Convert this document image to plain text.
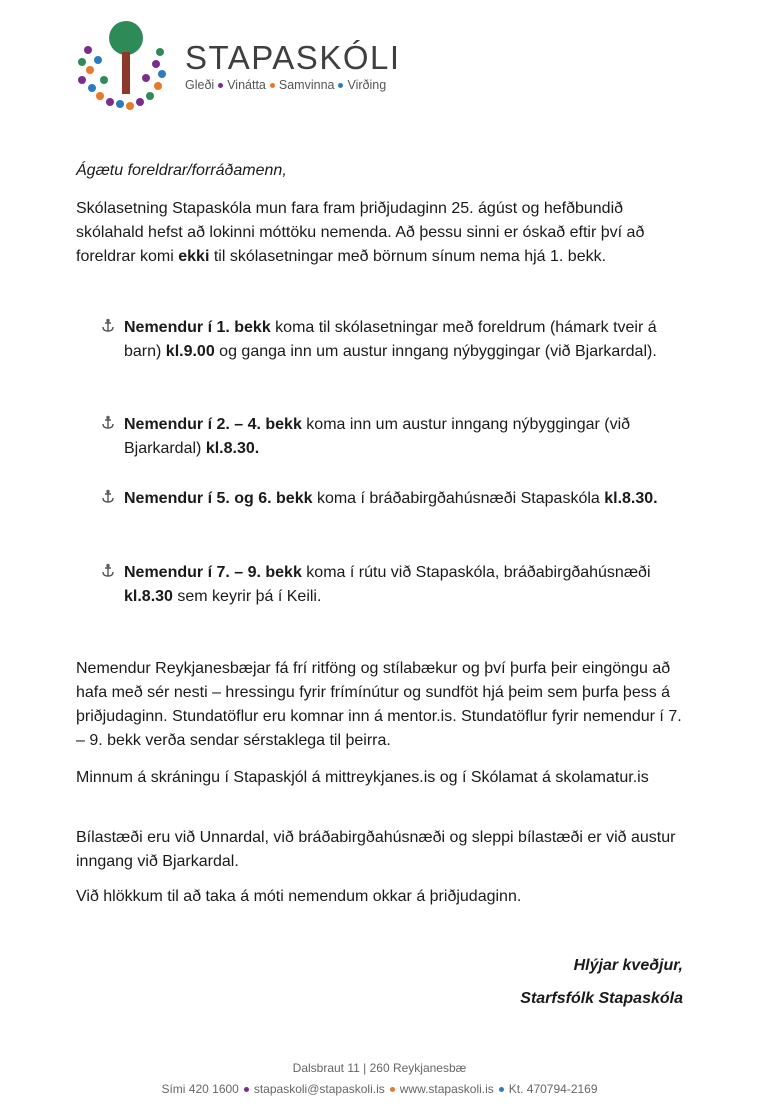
STAPASKÓLI
Gleði Vinátta Samvinna Virðing
Ágætu foreldrar/forráðamenn,

Skólasetning Stapaskóla mun fara fram þriðjudaginn 25. ágúst og hefðbundið skólahald hefst að lokinni móttöku nemenda. Að þessu sinni er óskað eftir því að foreldrar komi ekki til skólasetningar með börnum sínum nema hjá 1. bekk.

Nemendur í 1. bekk koma til skólasetningar með foreldrum (hámark tveir á barn) kl.9.00 og ganga inn um austur inngang nýbyggingar (við Bjarkardal).
Nemendur í 2. – 4. bekk koma inn um austur inngang nýbyggingar (við Bjarkardal) kl.8.30.
Nemendur í 5. og 6. bekk koma í bráðabirgðahúsnæði Stapaskóla kl.8.30.
Nemendur í 7. – 9. bekk koma í rútu við Stapaskóla, bráðabirgðahúsnæði kl.8.30 sem keyrir þá í Keili.

Nemendur Reykjanesbæjar fá frí ritföng og stílabækur og því þurfa þeir eingöngu að hafa með sér nesti – hressingu fyrir frímínútur og sundföt hjá þeim sem þurfa þess á þriðjudaginn. Stundatöflur eru komnar inn á mentor.is. Stundatöflur fyrir nemendur í 7. – 9. bekk verða sendar sérstaklega til þeirra.

Minnum á skráningu í Stapaskjól á mittreykjanes.is og í Skólamat á skolamatur.is

Bílastæði eru við Unnardal, við bráðabirgðahúsnæði og sleppi bílastæði er við austur inngang við Bjarkardal.

Við hlökkum til að taka á móti nemendum okkar á þriðjudaginn.

Hlýjar kveðjur,
Starfsfólk Stapaskóla
Dalsbraut 11 | 260 Reykjanesbæ
Sími 420 1600 stapaskoli@stapaskoli.is www.stapaskoli.is Kt. 470794-2169
